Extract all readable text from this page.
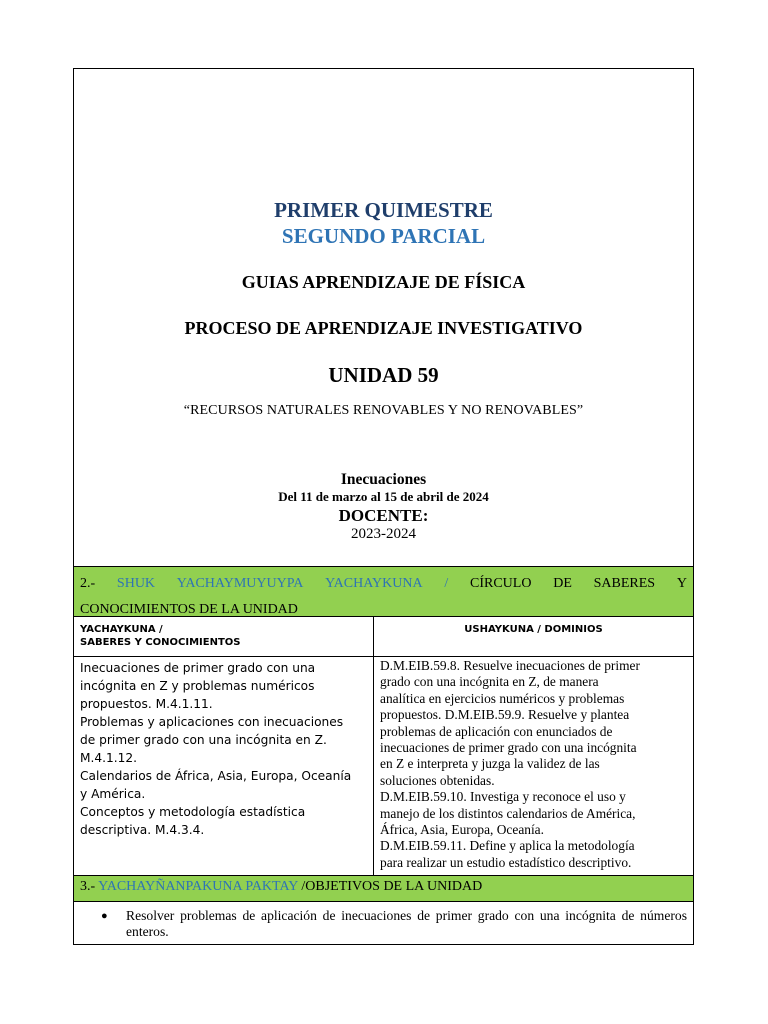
PRIMER QUIMESTRE
SEGUNDO PARCIAL
GUIAS APRENDIZAJE DE FÍSICA
PROCESO DE APRENDIZAJE INVESTIGATIVO
UNIDAD 59
“RECURSOS NATURALES RENOVABLES Y NO RENOVABLES”
Inecuaciones
Del 11 de marzo al 15 de abril de 2024
DOCENTE:
2023-2024
2.- SHUK YACHAYMUYUYPA YACHAYKUNA / CÍRCULO DE SABERES Y
CONOCIMIENTOS DE LA UNIDAD
YACHAYKUNA /
SABERES Y CONOCIMIENTOS
USHAYKUNA / DOMINIOS
Inecuaciones de primer grado con una
incógnita en Z y problemas numéricos
propuestos. M.4.1.11.
Problemas y aplicaciones con inecuaciones
de primer grado con una incógnita en Z.
M.4.1.12.
Calendarios de África, Asia, Europa, Oceanía
y América.
Conceptos y metodología estadística
descriptiva. M.4.3.4.
D.M.EIB.59.8. Resuelve inecuaciones de primer
grado con una incógnita en Z, de manera
analítica en ejercicios numéricos y problemas
propuestos. D.M.EIB.59.9. Resuelve y plantea
problemas de aplicación con enunciados de
inecuaciones de primer grado con una incógnita
en Z e interpreta y juzga la validez de las
soluciones obtenidas.
D.M.EIB.59.10. Investiga y reconoce el uso y
manejo de los distintos calendarios de América,
África, Asia, Europa, Oceanía.
D.M.EIB.59.11. Define y aplica la metodología
para realizar un estudio estadístico descriptivo.
3.- YACHAYÑANPAKUNA PAKTAY /OBJETIVOS DE LA UNIDAD
●	Resolver problemas de aplicación de inecuaciones de primer grado con una incógnita de números enteros.
